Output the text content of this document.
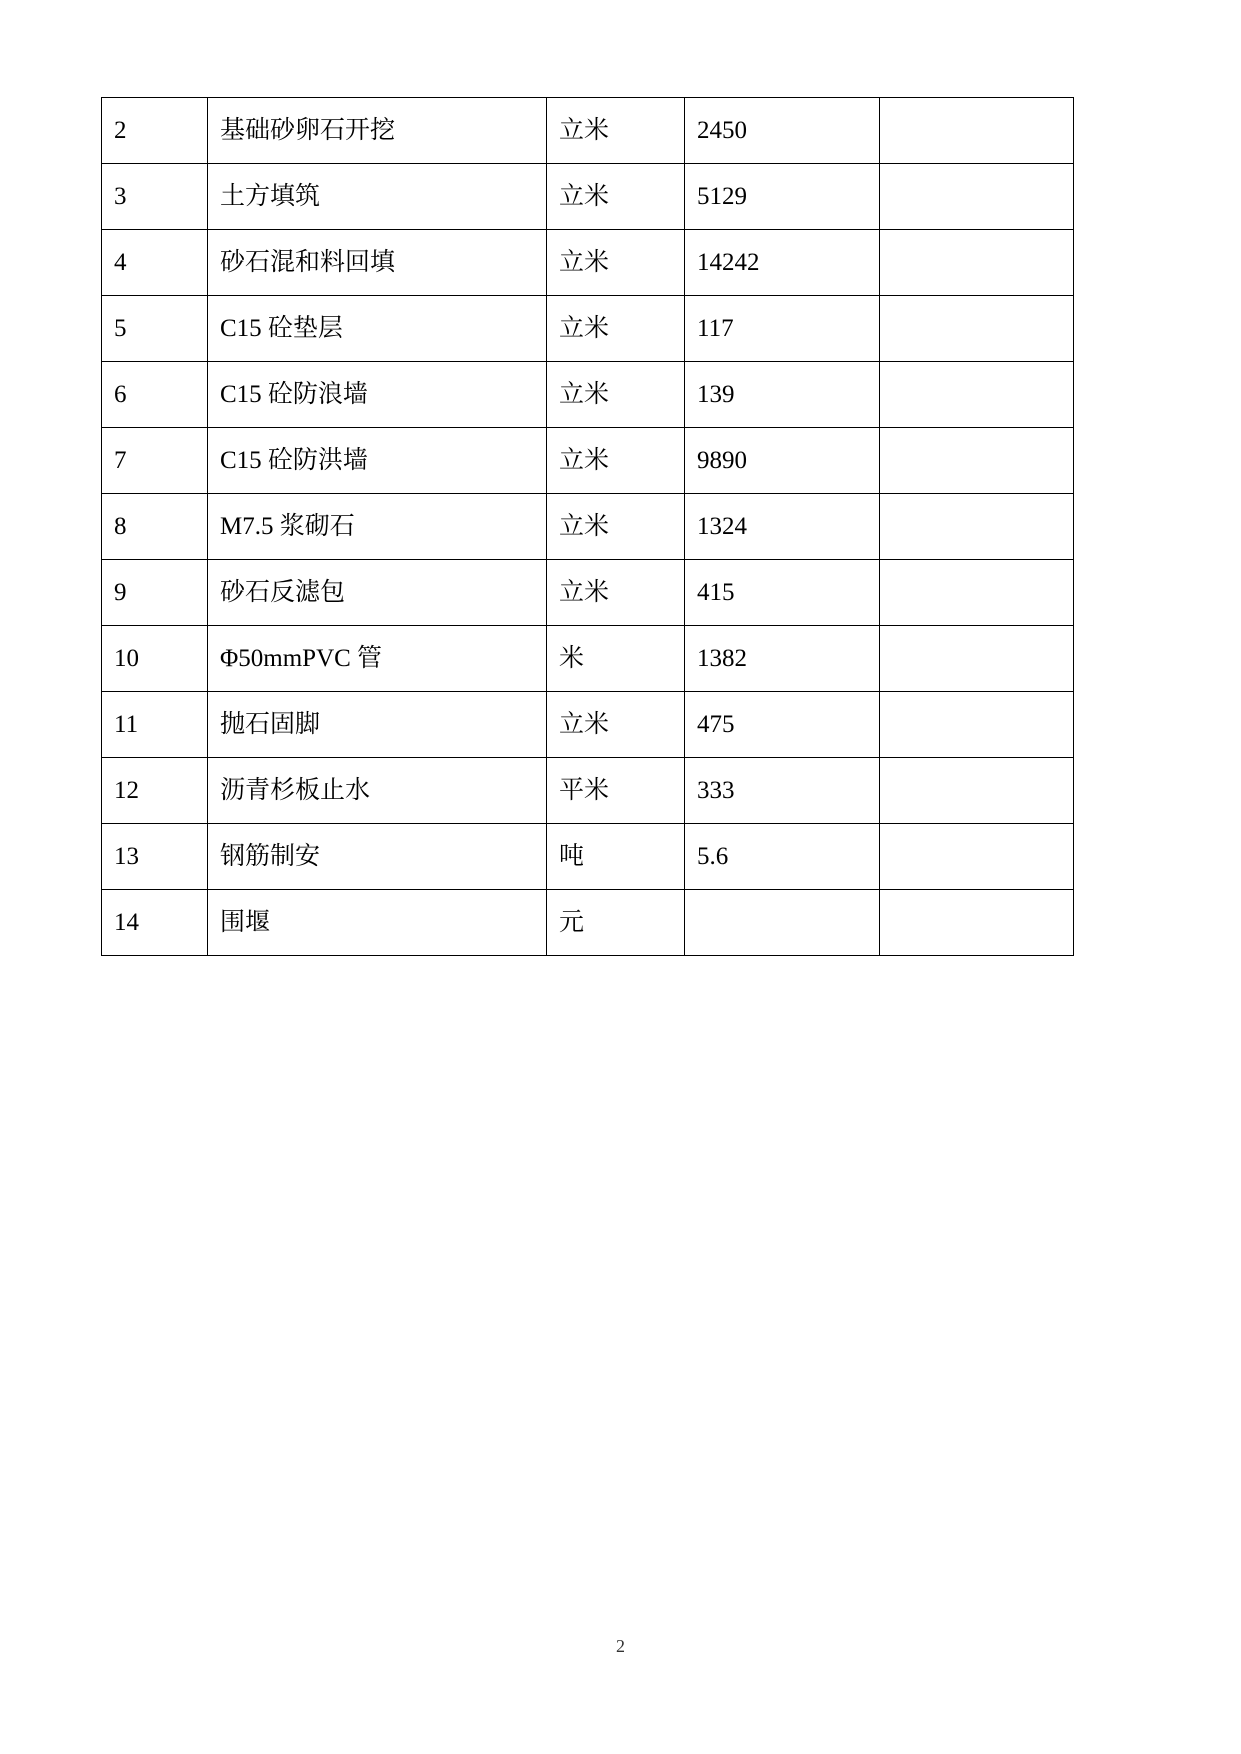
2	基础砂卵石开挖	立米	2450	
3	土方填筑	立米	5129	
4	砂石混和料回填	立米	14242	
5	C15 砼垫层	立米	117	
6	C15 砼防浪墙	立米	139	
7	C15 砼防洪墙	立米	9890	
8	M7.5 浆砌石	立米	1324	
9	砂石反滤包	立米	415	
10	Φ50mmPVC 管	米	1382	
11	抛石固脚	立米	475	
12	沥青杉板止水	平米	333	
13	钢筋制安	吨	5.6	
14	围堰	元		
2
